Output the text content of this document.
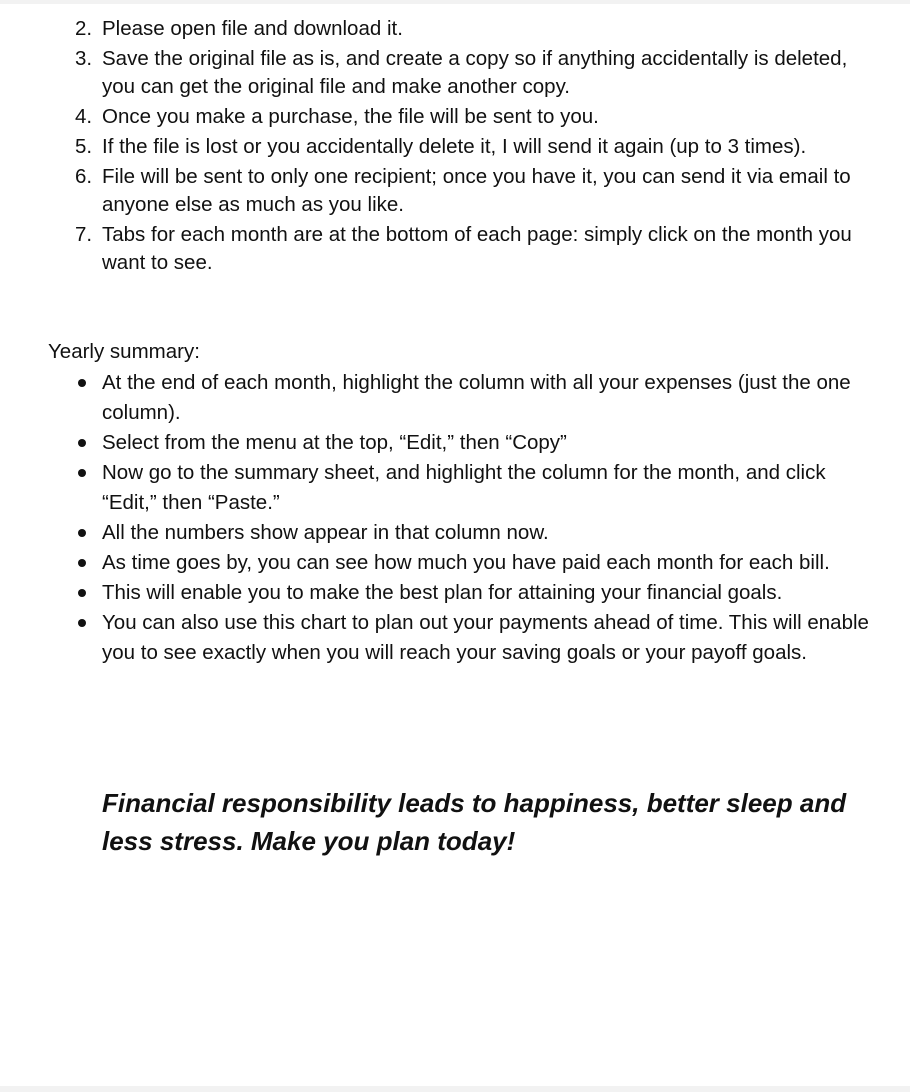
2. Please open file and download it.
3. Save the original file as is, and create a copy so if anything accidentally is deleted, you can get the original file and make another copy.
4. Once you make a purchase, the file will be sent to you.
5. If the file is lost or you accidentally delete it, I will send it again (up to 3 times).
6. File will be sent to only one recipient; once you have it, you can send it via email to anyone else as much as you like.
7. Tabs for each month are at the bottom of each page: simply click on the month you want to see.

Yearly summary:

At the end of each month, highlight the column with all your expenses (just the one column).
Select from the menu at the top, “Edit,” then “Copy”
Now go to the summary sheet, and highlight the column for the month, and click “Edit,” then “Paste.”
All the numbers show appear in that column now.
As time goes by, you can see how much you have paid each month for each bill.
This will enable you to make the best plan for attaining your financial goals.
You can also use this chart to plan out your payments ahead of time. This will enable you to see exactly when you will reach your saving goals or your payoff goals.

Financial responsibility leads to happiness, better sleep and less stress. Make you plan today!
